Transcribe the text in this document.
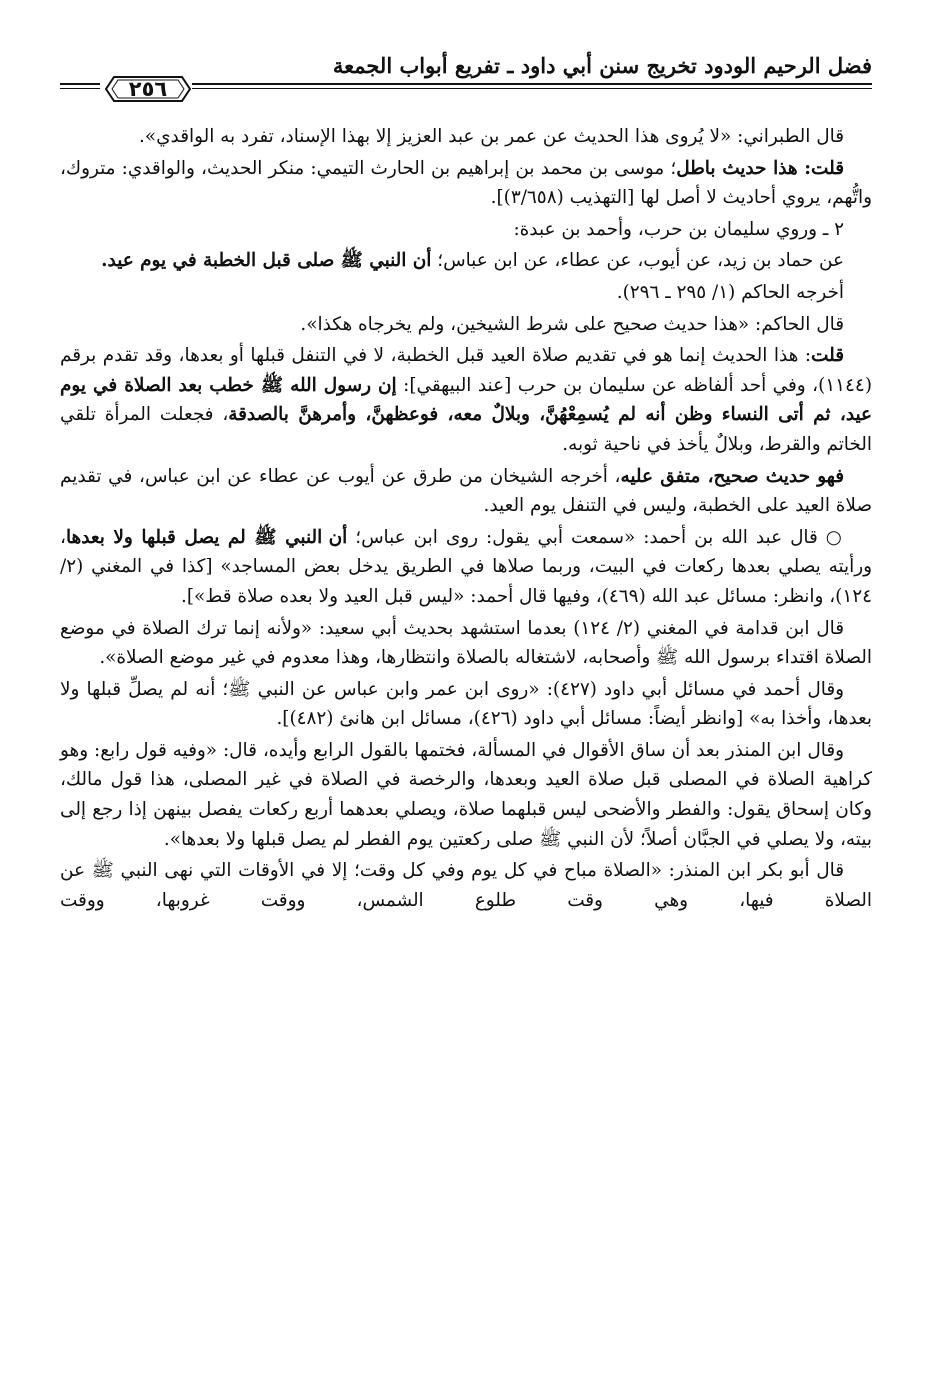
فضل الرحيم الودود تخريج سنن أبي داود ـ تفريع أبواب الجمعة
٢٥٦

قال الطبراني: «لا يُروى هذا الحديث عن عمر بن عبد العزيز إلا بهذا الإسناد، تفرد به الواقدي».

قلت: هذا حديث باطل؛ موسى بن محمد بن إبراهيم بن الحارث التيمي: منكر الحديث، والواقدي: متروك، واتُّهم، يروي أحاديث لا أصل لها [التهذيب (٣/٦٥٨)].

٢ ـ وروي سليمان بن حرب، وأحمد بن عبدة:

عن حماد بن زيد، عن أيوب، عن عطاء، عن ابن عباس؛ أن النبي ﷺ صلى قبل الخطبة في يوم عيد.

أخرجه الحاكم (١/ ٢٩٥ ـ ٢٩٦).

قال الحاكم: «هذا حديث صحيح على شرط الشيخين، ولم يخرجاه هكذا».

قلت: هذا الحديث إنما هو في تقديم صلاة العيد قبل الخطبة، لا في التنفل قبلها أو بعدها، وقد تقدم برقم (١١٤٤)، وفي أحد ألفاظه عن سليمان بن حرب [عند البيهقي]: إن رسول الله ﷺ خطب بعد الصلاة في يوم عيد، ثم أتى النساء وظن أنه لم يُسمِعْهُنَّ، وبلالٌ معه، فوعظهنَّ، وأمرهنَّ بالصدقة، فجعلت المرأة تلقي الخاتم والقرط، وبلالٌ يأخذ في ناحية ثوبه.

فهو حديث صحيح، متفق عليه، أخرجه الشيخان من طرق عن أيوب عن عطاء عن ابن عباس، في تقديم صلاة العيد على الخطبة، وليس في التنفل يوم العيد.

○ قال عبد الله بن أحمد: «سمعت أبي يقول: روى ابن عباس؛ أن النبي ﷺ لم يصل قبلها ولا بعدها، ورأيته يصلي بعدها ركعات في البيت، وربما صلاها في الطريق يدخل بعض المساجد» [كذا في المغني (٢/ ١٢٤)، وانظر: مسائل عبد الله (٤٦٩)، وفيها قال أحمد: «ليس قبل العيد ولا بعده صلاة قط»].

قال ابن قدامة في المغني (٢/ ١٢٤) بعدما استشهد بحديث أبي سعيد: «ولأنه إنما ترك الصلاة في موضع الصلاة اقتداء برسول الله ﷺ وأصحابه، لاشتغاله بالصلاة وانتظارها، وهذا معدوم في غير موضع الصلاة».

وقال أحمد في مسائل أبي داود (٤٢٧): «روى ابن عمر وابن عباس عن النبي ﷺ؛ أنه لم يصلِّ قبلها ولا بعدها، وأخذا به» [وانظر أيضاً: مسائل أبي داود (٤٢٦)، مسائل ابن هانئ (٤٨٢)].

وقال ابن المنذر بعد أن ساق الأقوال في المسألة، فختمها بالقول الرابع وأيده، قال: «وفيه قول رابع: وهو كراهية الصلاة في المصلى قبل صلاة العيد وبعدها، والرخصة في الصلاة في غير المصلى، هذا قول مالك، وكان إسحاق يقول: والفطر والأضحى ليس قبلهما صلاة، ويصلي بعدهما أربع ركعات يفصل بينهن إذا رجع إلى بيته، ولا يصلي في الجبَّان أصلاً؛ لأن النبي ﷺ صلى ركعتين يوم الفطر لم يصل قبلها ولا بعدها».

قال أبو بكر ابن المنذر: «الصلاة مباح في كل يوم وفي كل وقت؛ إلا في الأوقات التي نهى النبي ﷺ عن الصلاة فيها، وهي وقت طلوع الشمس، ووقت غروبها، ووقت
